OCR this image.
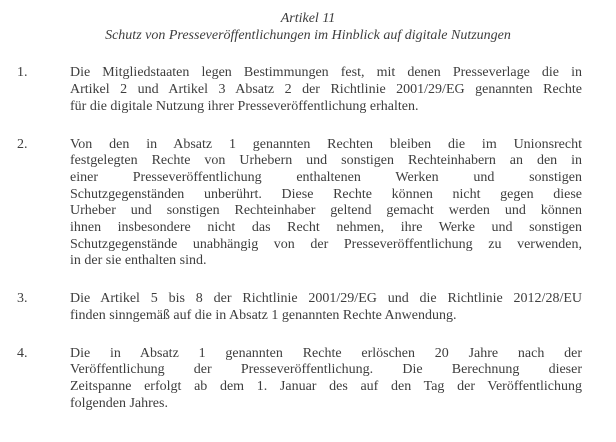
Artikel 11
Schutz von Presseveröffentlichungen im Hinblick auf digitale Nutzungen
1.	Die Mitgliedstaaten legen Bestimmungen fest, mit denen Presseverlage die in
Artikel 2 und Artikel 3 Absatz 2 der Richtlinie 2001/29/EG genannten Rechte
für die digitale Nutzung ihrer Presseveröffentlichung erhalten.
2.	Von den in Absatz 1 genannten Rechten bleiben die im Unionsrecht
festgelegten Rechte von Urhebern und sonstigen Rechteinhabern an den in
einer Presseveröffentlichung enthaltenen Werken und sonstigen
Schutzgegenständen unberührt. Diese Rechte können nicht gegen diese
Urheber und sonstigen Rechteinhaber geltend gemacht werden und können
ihnen insbesondere nicht das Recht nehmen, ihre Werke und sonstigen
Schutzgegenstände unabhängig von der Presseveröffentlichung zu verwenden,
in der sie enthalten sind.
3.	Die Artikel 5 bis 8 der Richtlinie 2001/29/EG und die Richtlinie 2012/28/EU
finden sinngemäß auf die in Absatz 1 genannten Rechte Anwendung.
4.	Die in Absatz 1 genannten Rechte erlöschen 20 Jahre nach der
Veröffentlichung der Presseveröffentlichung. Die Berechnung dieser
Zeitspanne erfolgt ab dem 1. Januar des auf den Tag der Veröffentlichung
folgenden Jahres.
